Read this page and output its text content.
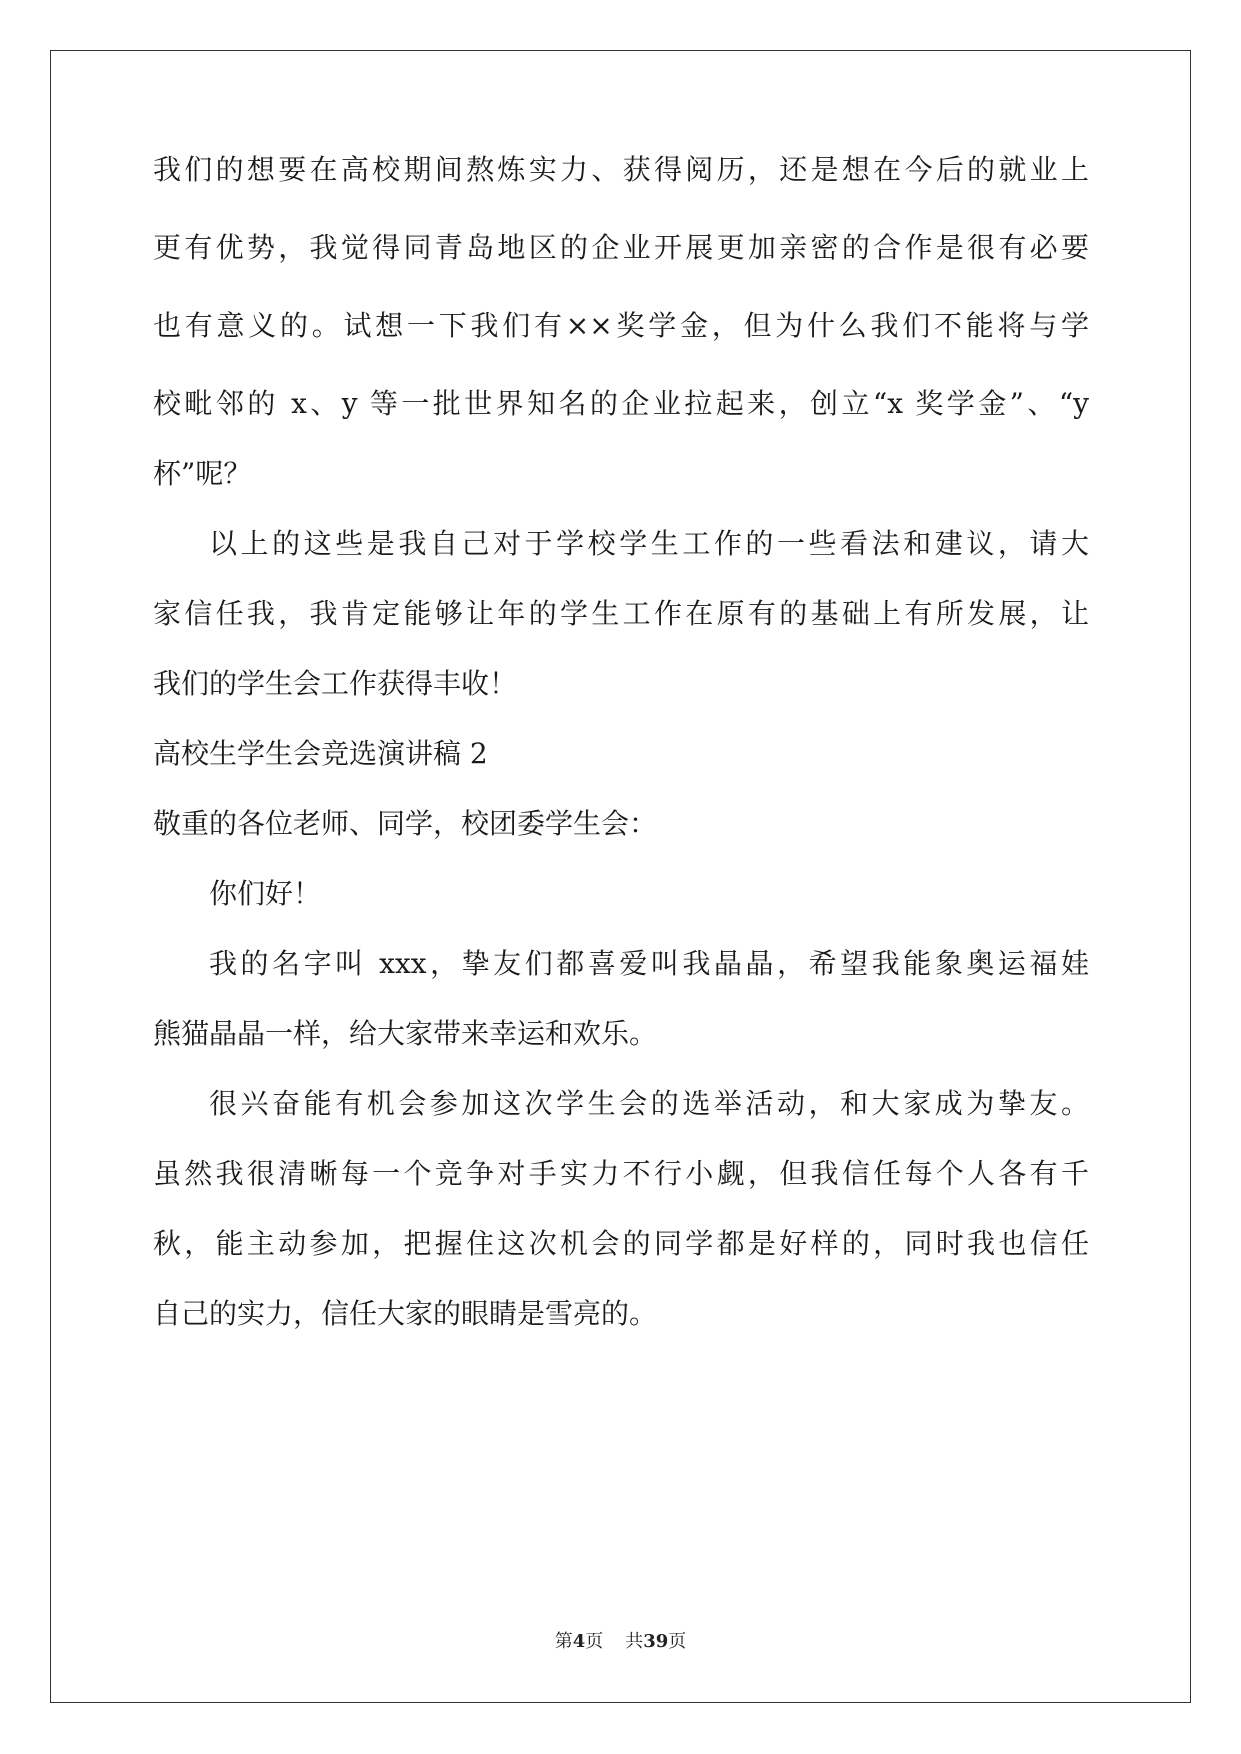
我们的想要在高校期间熬炼实力、获得阅历，还是想在今后的就业上
更有优势，我觉得同青岛地区的企业开展更加亲密的合作是很有必要
也有意义的。试想一下我们有××奖学金，但为什么我们不能将与学
校毗邻的 x、y 等一批世界知名的企业拉起来，创立“x 奖学金”、“y
杯”呢？
以上的这些是我自己对于学校学生工作的一些看法和建议，请大
家信任我，我肯定能够让年的学生工作在原有的基础上有所发展，让
我们的学生会工作获得丰收！
高校生学生会竞选演讲稿 2
敬重的各位老师、同学，校团委学生会：
你们好！
我的名字叫 xxx，挚友们都喜爱叫我晶晶，希望我能象奥运福娃
熊猫晶晶一样，给大家带来幸运和欢乐。
很兴奋能有机会参加这次学生会的选举活动，和大家成为挚友。
虽然我很清晰每一个竞争对手实力不行小觑，但我信任每个人各有千
秋，能主动参加，把握住这次机会的同学都是好样的，同时我也信任
自己的实力，信任大家的眼睛是雪亮的。
第4页 共39页
